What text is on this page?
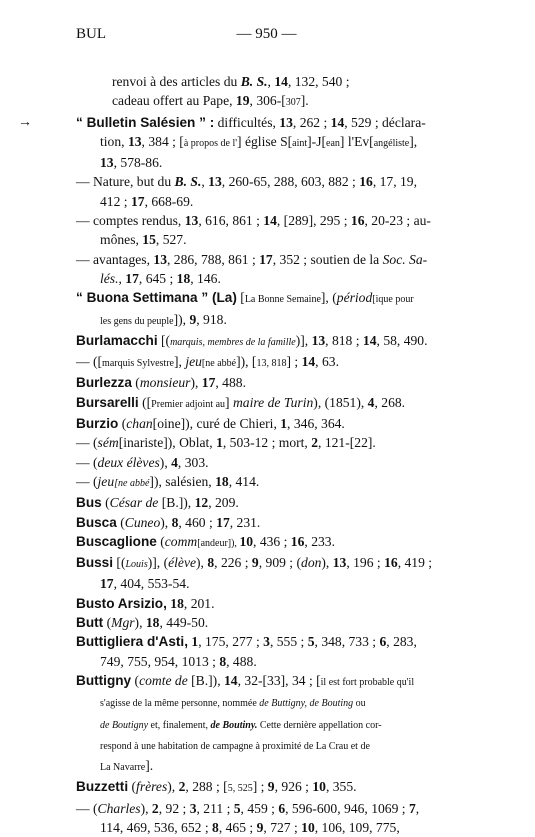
BUL	— 950 —
renvoi à des articles du B. S., 14, 132, 540 ;
cadeau offert au Pape, 19, 306-[307].
→	“ Bulletin Salésien ” : difficultés, 13, 262 ; 14, 529 ; déclara-
tion, 13, 384 ; [à propos de l'] église S[aint]-J[ean] l'Ev[angéliste],
13, 578-86.
— Nature, but du B. S., 13, 260-65, 288, 603, 882 ; 16, 17, 19,
412 ; 17, 668-69.
— comptes rendus, 13, 616, 861 ; 14, [289], 295 ; 16, 20-23 ; au-
mônes, 15, 527.
— avantages, 13, 286, 788, 861 ; 17, 352 ; soutien de la Soc. Sa-
lés., 17, 645 ; 18, 146.
“ Buona Settimana ” (La) [La Bonne Semaine], (périod[ique pour
les gens du peuple]), 9, 918.
Burlamacchi [(marquis, membres de la famille)], 13, 818 ; 14, 58, 490.
— ([marquis Sylvestre], jeu[ne abbé]), [13, 818] ; 14, 63.
Burlezza (monsieur), 17, 488.
Bursarelli ([Premier adjoint au] maire de Turin), (1851), 4, 268.
Burzio (chan[oine]), curé de Chieri, 1, 346, 364.
— (sém[inariste]), Oblat, 1, 503-12 ; mort, 2, 121-[22].
— (deux élèves), 4, 303.
— (jeu[ne abbé]), salésien, 18, 414.
Bus (César de [B.]), 12, 209.
Busca (Cuneo), 8, 460 ; 17, 231.
Buscaglione (comm[andeur]), 10, 436 ; 16, 233.
Bussi [(Louis)], (élève), 8, 226 ; 9, 909 ; (don), 13, 196 ; 16, 419 ;
17, 404, 553-54.
Busto Arsizio, 18, 201.
Butt (Mgr), 18, 449-50.
Buttigliera d'Asti, 1, 175, 277 ; 3, 555 ; 5, 348, 733 ; 6, 283,
749, 755, 954, 1013 ; 8, 488.
Buttigny (comte de [B.]), 14, 32-[33], 34 ; [il est fort probable qu'il
s'agisse de la même personne, nommée de Buttigny, de Bouting ou
de Boutigny et, finalement, de Boutiny. Cette dernière appellation cor-
respond à une habitation de campagne à proximité de La Crau et de
La Navarre].
Buzzetti (frères), 2, 288 ; [5, 525] ; 9, 926 ; 10, 355.
— (Charles), 2, 92 ; 3, 211 ; 5, 459 ; 6, 596-600, 946, 1069 ; 7,
114, 469, 536, 652 ; 8, 465 ; 9, 727 ; 10, 106, 109, 775,
